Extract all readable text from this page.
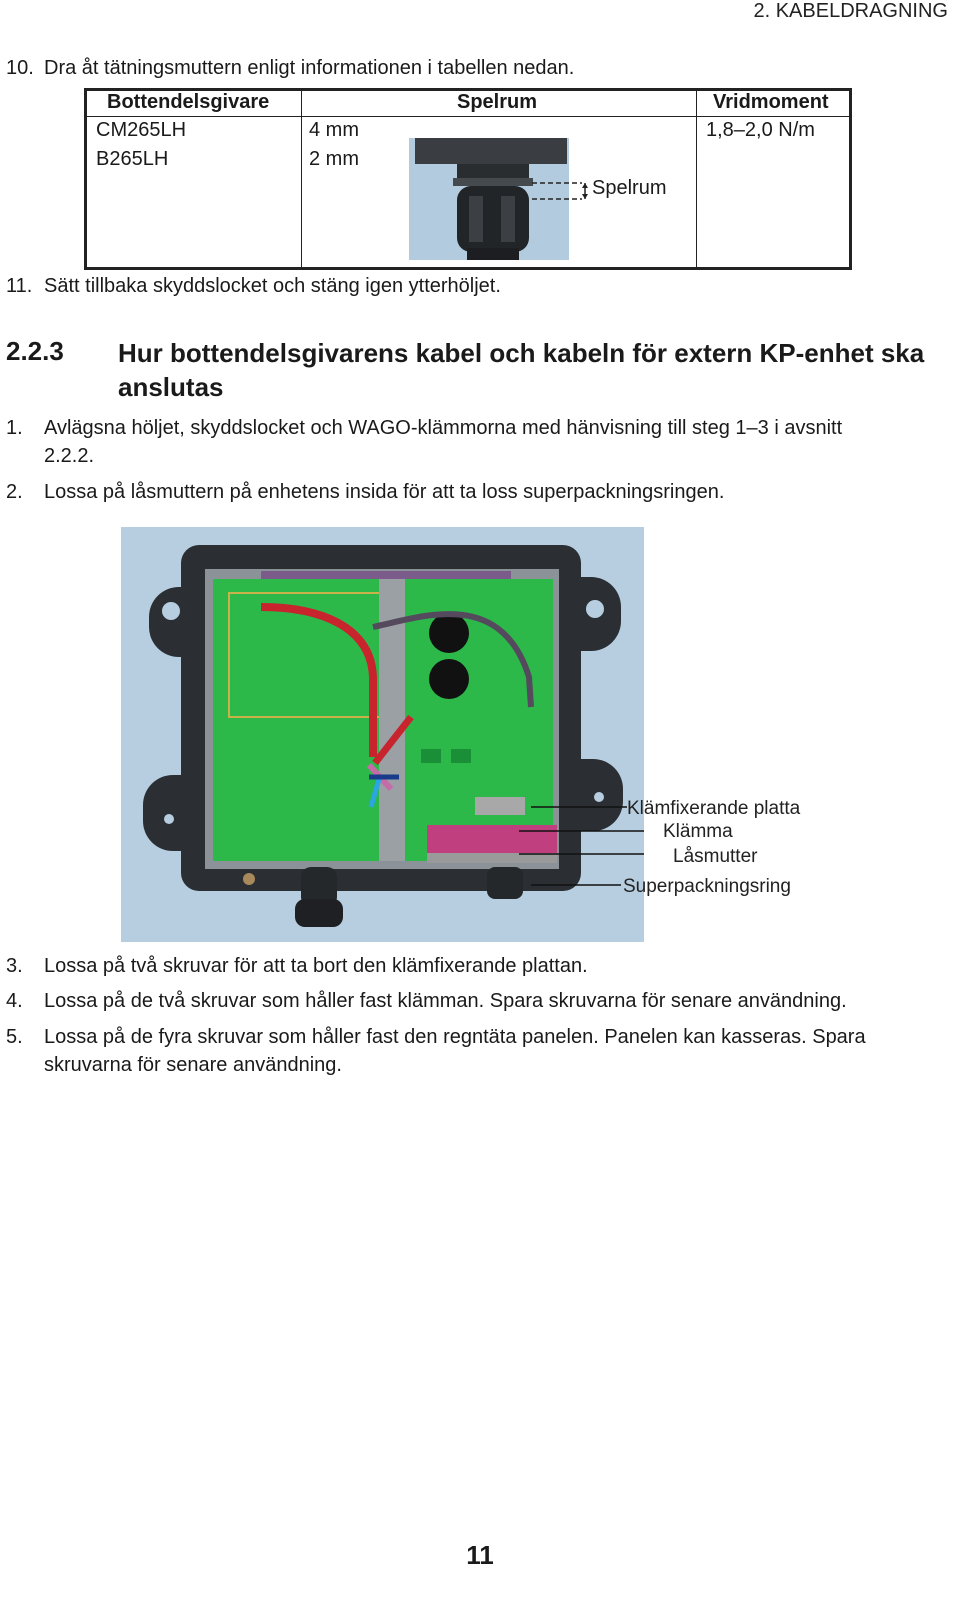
2. KABELDRAGNING
10. Dra åt tätningsmuttern enligt informationen i tabellen nedan.
Bottendelsgivare	Spelrum	Vridmoment
CM265LH	4 mm	1,8–2,0 N/m
B265LH	2 mm
Spelrum
11. Sätt tillbaka skyddslocket och stäng igen ytterhöljet.
2.2.3 Hur bottendelsgivarens kabel och kabeln för extern KP-enhet ska anslutas
1. Avlägsna höljet, skyddslocket och WAGO-klämmorna med hänvisning till steg 1–3 i avsnitt
2.2.2.
2. Lossa på låsmuttern på enhetens insida för att ta loss superpackningsringen.
Klämfixerande platta
Klämma
Låsmutter
Superpackningsring
3. Lossa på två skruvar för att ta bort den klämfixerande plattan.
4. Lossa på de två skruvar som håller fast klämman. Spara skruvarna för senare användning.
5. Lossa på de fyra skruvar som håller fast den regntäta panelen. Panelen kan kasseras. Spara
skruvarna för senare användning.
11
